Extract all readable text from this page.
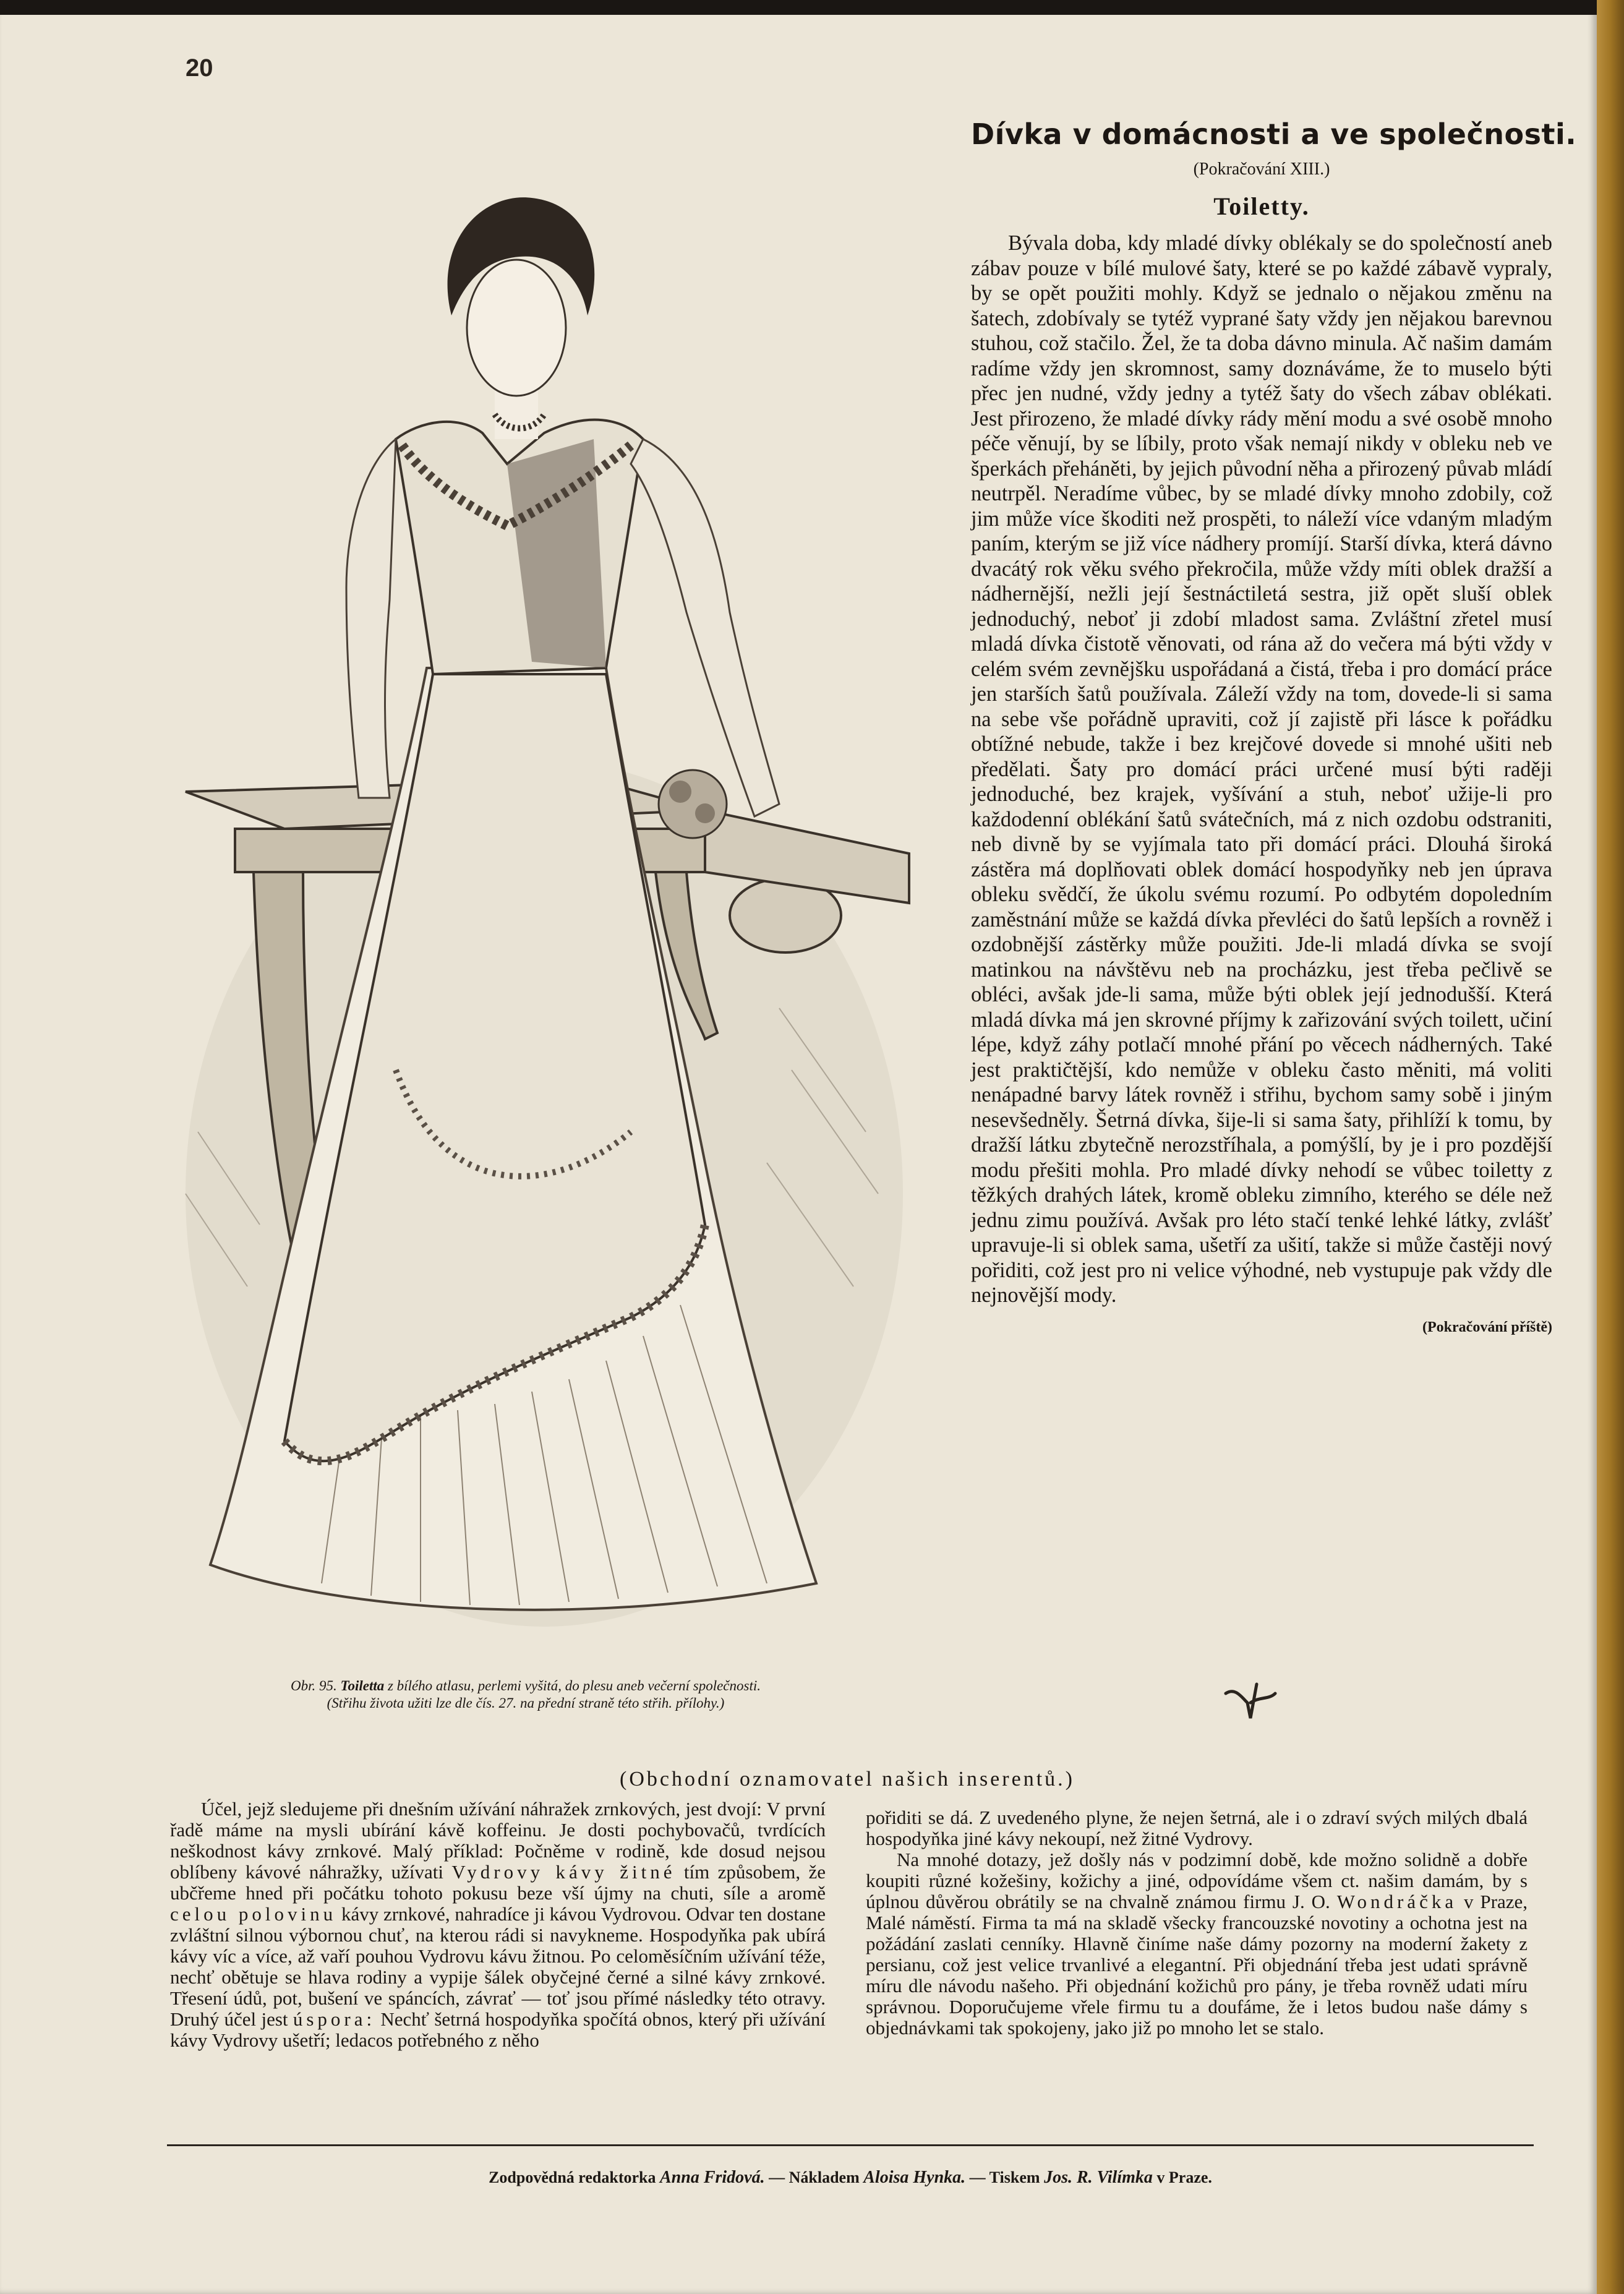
20
Dívka v domácnosti a ve společnosti.
(Pokračování XIII.)
Toiletty.

Bývala doba, kdy mladé dívky oblékaly se do společností aneb zábav pouze v bílé mulové šaty, které se po každé zábavě vypraly, by se opět použiti mohly. Když se jednalo o nějakou změnu na šatech, zdobívaly se tytéž vyprané šaty vždy jen nějakou barevnou stuhou, což stačilo. Žel, že ta doba dávno minula. Ač našim damám radíme vždy jen skromnost, samy doznáváme, že to muselo býti přec jen nudné, vždy jedny a tytéž šaty do všech zábav oblékati. Jest přirozeno, že mladé dívky rády mění modu a své osobě mnoho péče věnují, by se líbily, proto však nemají nikdy v obleku neb ve šperkách přeháněti, by jejich původní něha a přirozený půvab mládí neutrpěl. Neradíme vůbec, by se mladé dívky mnoho zdobily, což jim může více škoditi než prospěti, to náleží více vdaným mladým paním, kterým se již více nádhery promíjí. Starší dívka, která dávno dvacátý rok věku svého překročila, může vždy míti oblek dražší a nádhernější, nežli její šestnáctiletá sestra, již opět sluší oblek jednoduchý, neboť ji zdobí mladost sama. Zvláštní zřetel musí mladá dívka čistotě věnovati, od rána až do večera má býti vždy v celém svém zevnějšku uspořádaná a čistá, třeba i pro domácí práce jen starších šatů používala. Záleží vždy na tom, dovede-li si sama na sebe vše pořádně upraviti, což jí zajistě při lásce k pořádku obtížné nebude, takže i bez krejčové dovede si mnohé ušiti neb předělati. Šaty pro domácí práci určené musí býti raději jednoduché, bez krajek, vyšívání a stuh, neboť užije-li pro každodenní oblékání šatů svátečních, má z nich ozdobu odstraniti, neb divně by se vyjímala tato při domácí práci. Dlouhá široká zástěra má doplňovati oblek domácí hospodyňky neb jen úprava obleku svědčí, že úkolu svému rozumí. Po odbytém dopoledním zaměstnání může se každá dívka převléci do šatů lepších a rovněž i ozdobnější zástěrky může použiti. Jde-li mladá dívka se svojí matinkou na návštěvu neb na procházku, jest třeba pečlivě se obléci, avšak jde-li sama, může býti oblek její jednodušší. Která mladá dívka má jen skrovné příjmy k zařizování svých toilett, učiní lépe, když záhy potlačí mnohé přání po věcech nádherných. Také jest praktičtější, kdo nemůže v obleku často měniti, má voliti nenápadné barvy látek rovněž i střihu, bychom samy sobě i jiným nesevšedněly. Šetrná dívka, šije-li si sama šaty, přihlíží k tomu, by dražší látku zbytečně nerozstříhala, a pomýšlí, by je i pro pozdější modu přešiti mohla. Pro mladé dívky nehodí se vůbec toiletty z těžkých drahých látek, kromě obleku zimního, kterého se déle než jednu zimu používá. Avšak pro léto stačí tenké lehké látky, zvlášť upravuje-li si oblek sama, ušetří za ušití, takže si může častěji nový pořiditi, což jest pro ni velice výhodné, neb vystupuje pak vždy dle nejnovější mody.

(Pokračování příště)
Obr. 95. Toiletta z bílého atlasu, perlemi vyšitá, do plesu aneb večerní společnosti.
(Střihu života užiti lze dle čís. 27. na přední straně této střih. přílohy.)
(Obchodní oznamovatel našich inserentů.)

Účel, jejž sledujeme při dnešním užívání náhražek zrnkových, jest dvojí: V první řadě máme na mysli ubírání kávě koffeinu. Je dosti pochybovačů, tvrdících neškodnost kávy zrnkové. Malý příklad: Počněme v rodině, kde dosud nejsou oblíbeny kávové náhražky, užívati Vydrovy kávy žitné tím způsobem, že ubčřeme hned při počátku tohoto pokusu beze vší újmy na chuti, síle a aromě celou polovinu kávy zrnkové, nahradíce ji kávou Vydrovou. Odvar ten dostane zvláštní silnou výbornou chuť, na kterou rádi si navykneme. Hospodyňka pak ubírá kávy víc a více, až vaří pouhou Vydrovu kávu žitnou. Po celoměsíčním užívání téže, nechť obětuje se hlava rodiny a vypije šálek obyčejné černé a silné kávy zrnkové. Třesení údů, pot, bušení ve spáncích, závrať — toť jsou přímé následky této otravy. Druhý účel jest úspora: Nechť šetrná hospodyňka spočítá obnos, který při užívání kávy Vydrovy ušetří; ledacos potřebného z něho

pořiditi se dá. Z uvedeného plyne, že nejen šetrná, ale i o zdraví svých milých dbalá hospodyňka jiné kávy nekoupí, než žitné Vydrovy.

Na mnohé dotazy, jež došly nás v podzimní době, kde možno solidně a dobře koupiti různé kožešiny, kožichy a jiné, odpovídáme všem ct. našim damám, by s úplnou důvěrou obrátily se na chvalně známou firmu J. O. Wondráčka v Praze, Malé náměstí. Firma ta má na skladě všecky francouzské novotiny a ochotna jest na požádání zaslati cenníky. Hlavně činíme naše dámy pozorny na moderní žakety z persianu, což jest velice trvanlivé a elegantní. Při objednání třeba jest udati správně míru dle návodu našeho. Při objednání kožichů pro pány, je třeba rovněž udati míru správnou. Doporučujeme vřele firmu tu a doufáme, že i letos budou naše dámy s objednávkami tak spokojeny, jako již po mnoho let se stalo.

Zodpovědná redaktorka Anna Fridová. — Nákladem Aloisa Hynka. — Tiskem Jos. R. Vilímka v Praze.
